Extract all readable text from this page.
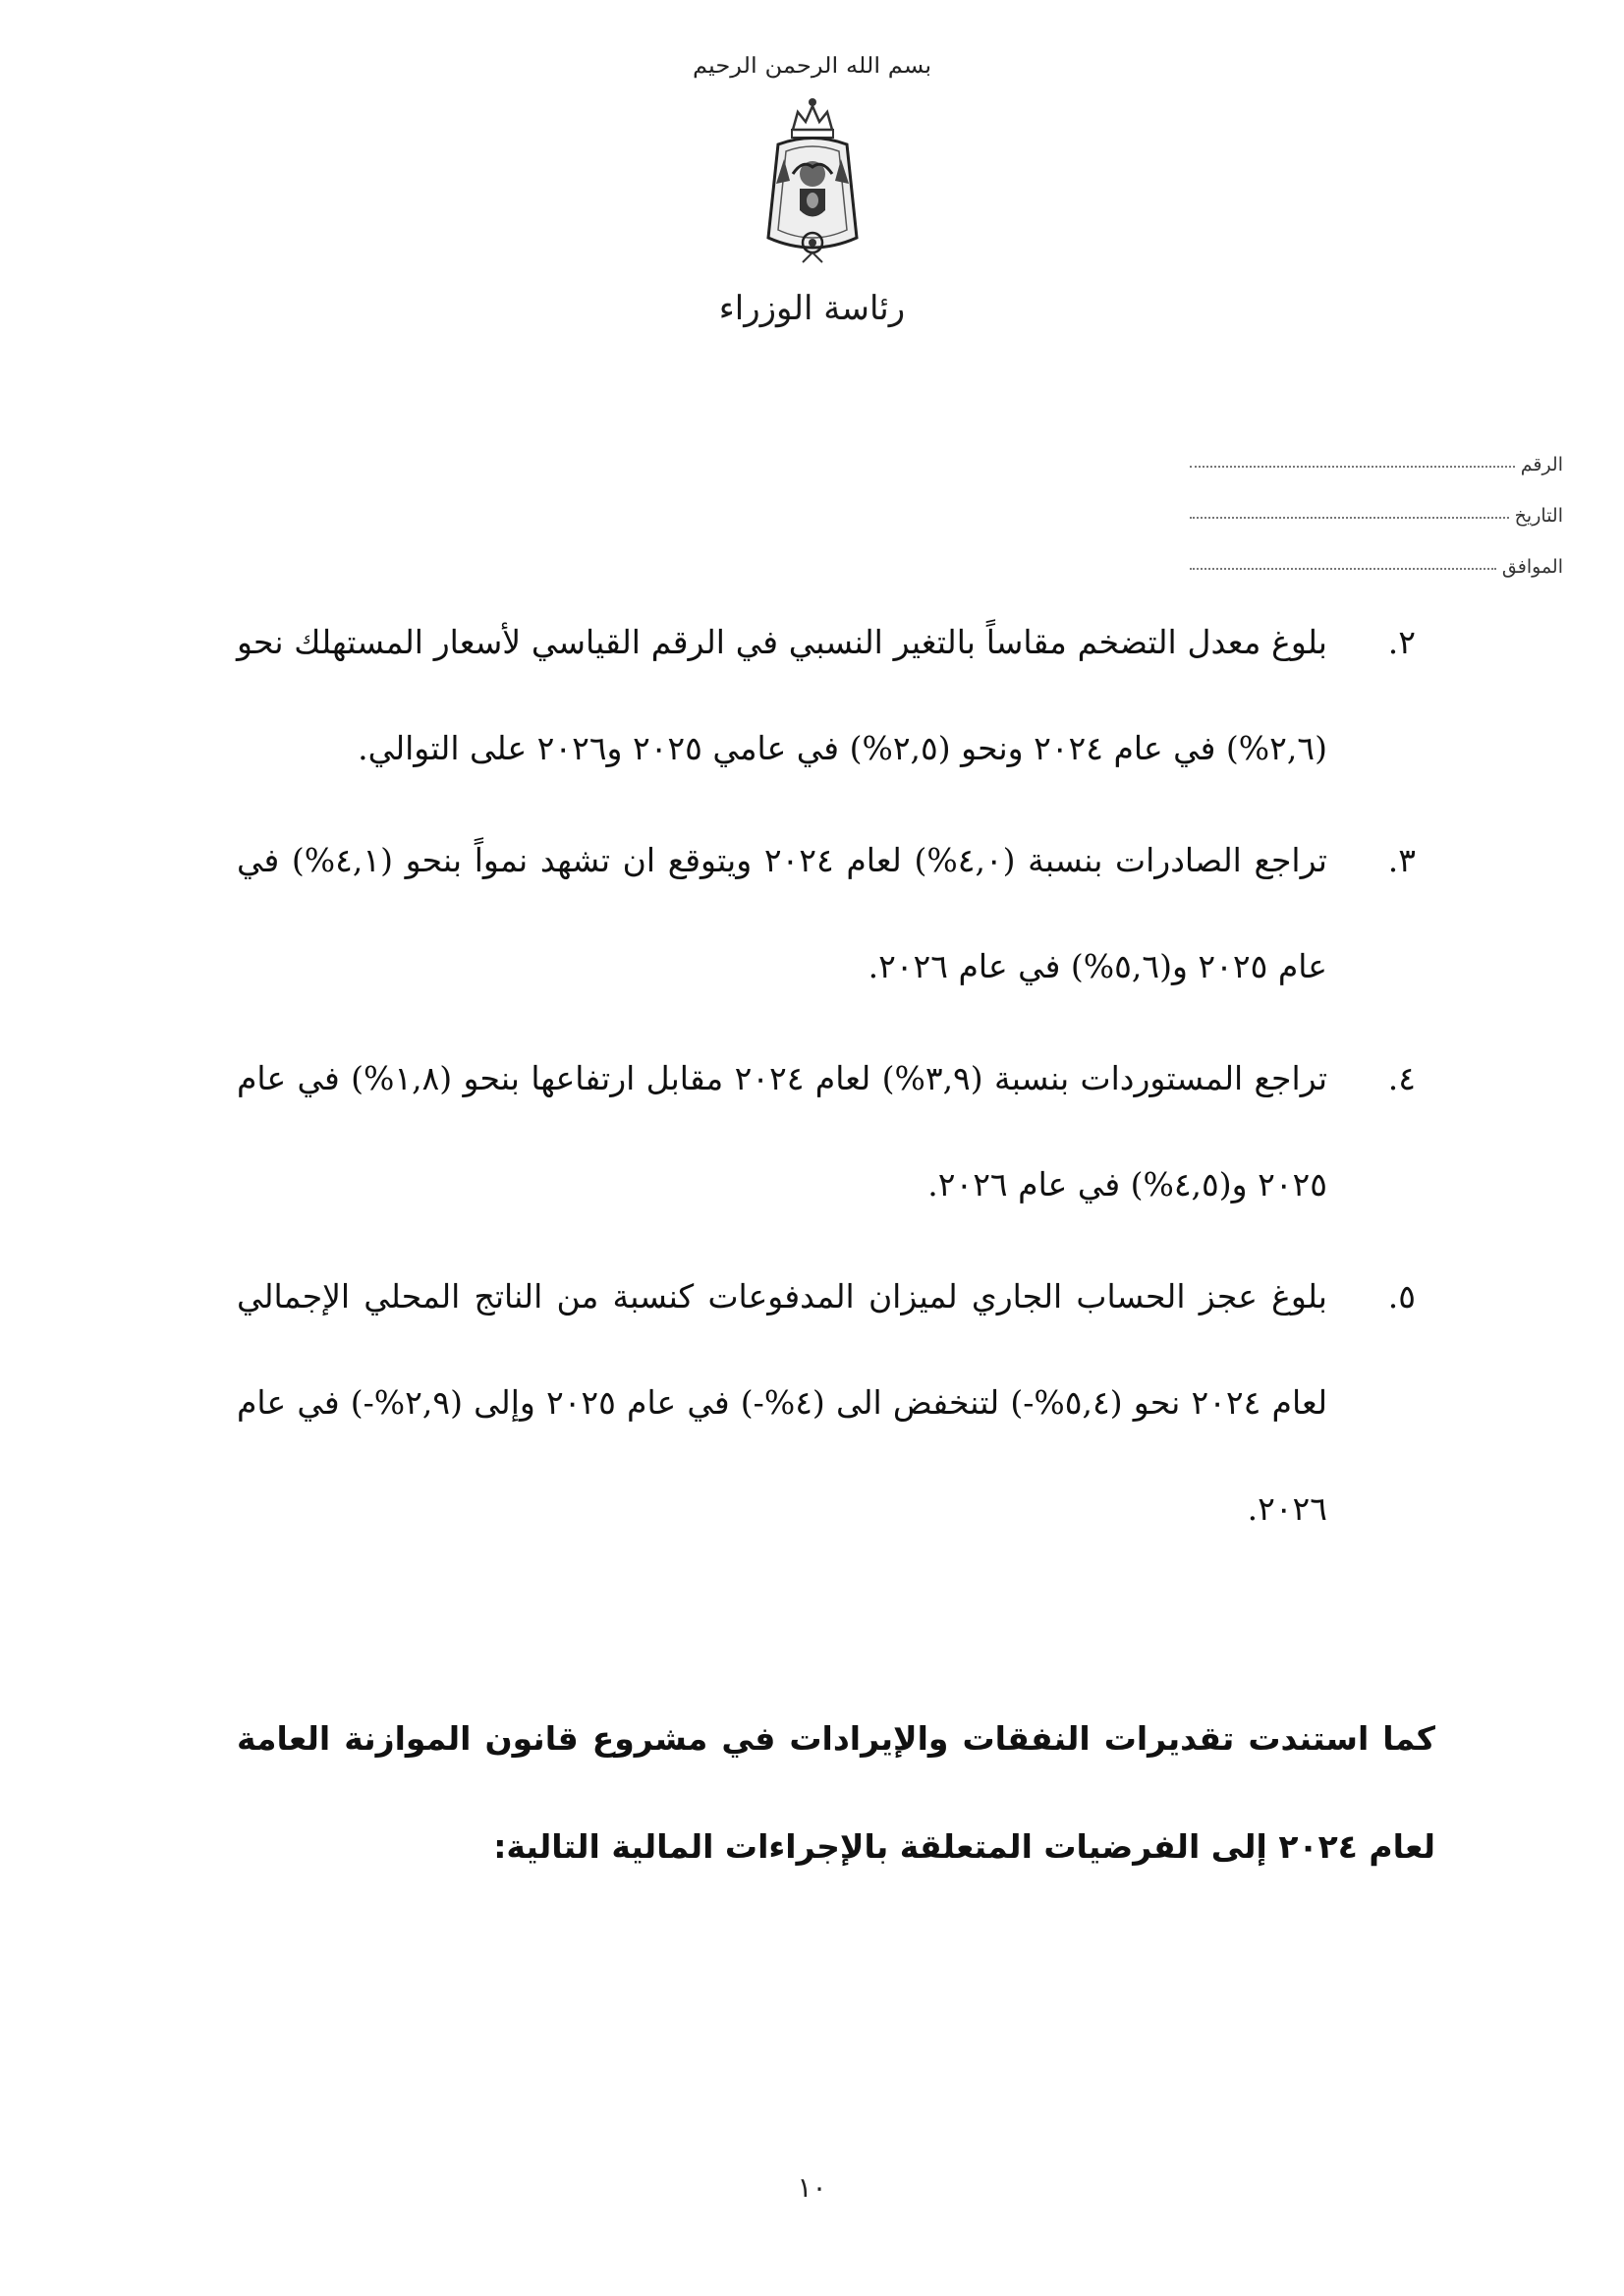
بسم الله الرحمن الرحيم
رئاسة الوزراء
الرقم
التاريخ
الموافق
٢.
بلوغ معدل التضخم مقاساً بالتغير النسبي في الرقم القياسي لأسعار المستهلك نحو (٢,٦%) في عام ٢٠٢٤ ونحو (٢,٥%) في عامي ٢٠٢٥ و٢٠٢٦ على التوالي.
٣.
تراجع الصادرات بنسبة (٤,٠%) لعام ٢٠٢٤ ويتوقع ان تشهد نمواً بنحو (٤,١%) في عام ٢٠٢٥ و(٥,٦%) في عام ٢٠٢٦.
٤.
تراجع المستوردات بنسبة (٣,٩%) لعام ٢٠٢٤ مقابل ارتفاعها بنحو (١,٨%) في عام ٢٠٢٥ و(٤,٥%) في عام ٢٠٢٦.
٥.
بلوغ عجز الحساب الجاري لميزان المدفوعات كنسبة من الناتج المحلي الإجمالي لعام ٢٠٢٤ نحو (٥,٤%-) لتنخفض الى (٤%-) في عام ٢٠٢٥ وإلى (٢,٩%-) في عام ٢٠٢٦.
كما استندت تقديرات النفقات والإيرادات في مشروع قانون الموازنة العامة لعام ٢٠٢٤ إلى الفرضيات المتعلقة بالإجراءات المالية التالية:
١٠
